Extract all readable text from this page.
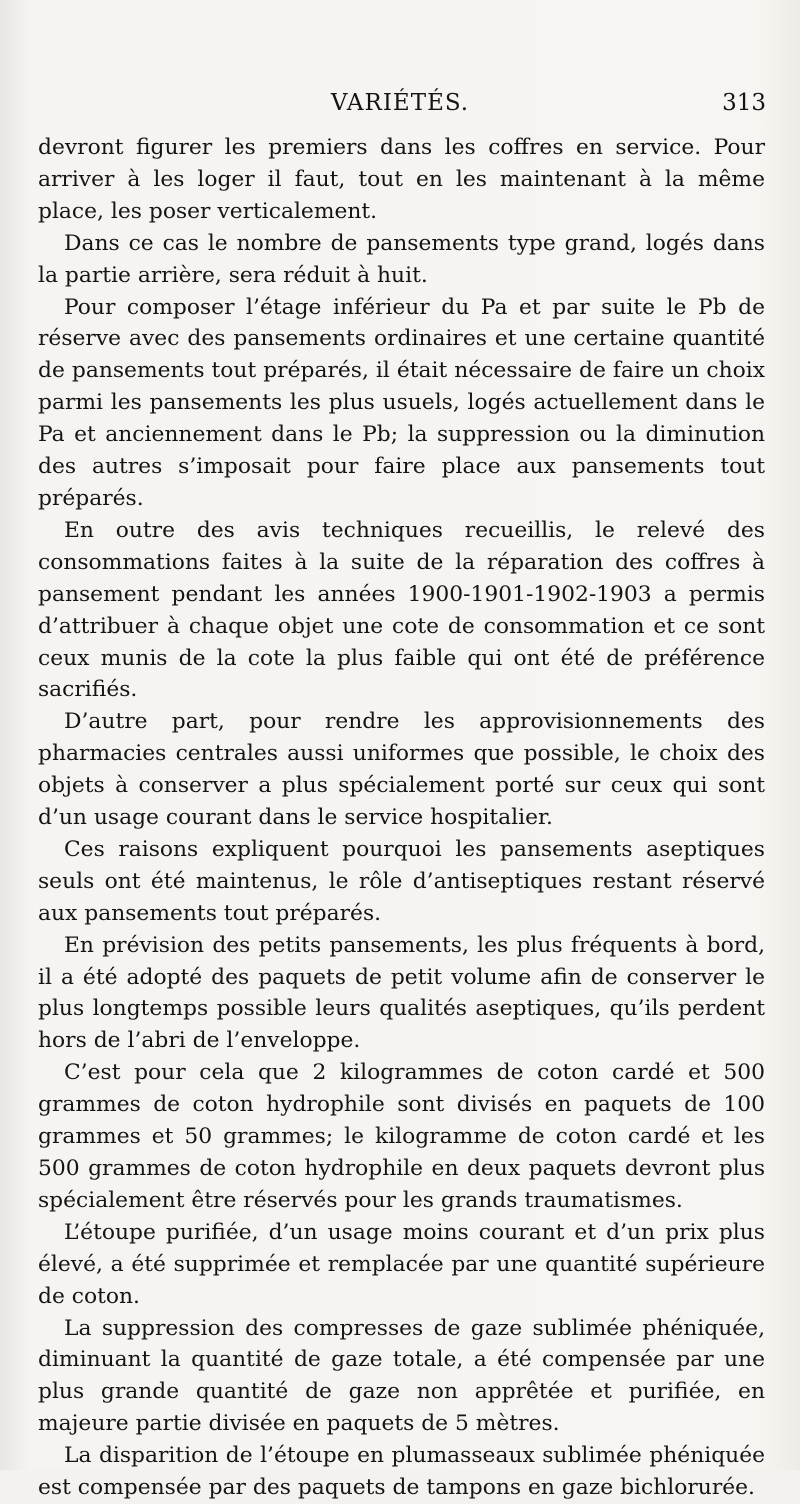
VARIÉTÉS.	313

devront figurer les premiers dans les coffres en service. Pour arriver à les loger il faut, tout en les maintenant à la même place, les poser verticalement.

Dans ce cas le nombre de pansements type grand, logés dans la partie arrière, sera réduit à huit.

Pour composer l’étage inférieur du Pa et par suite le Pb de réserve avec des pansements ordinaires et une certaine quantité de pansements tout préparés, il était nécessaire de faire un choix parmi les pansements les plus usuels, logés actuellement dans le Pa et anciennement dans le Pb; la suppression ou la diminution des autres s’imposait pour faire place aux pansements tout préparés.

En outre des avis techniques recueillis, le relevé des consommations faites à la suite de la réparation des coffres à pansement pendant les années 1900-1901-1902-1903 a permis d’attribuer à chaque objet une cote de consommation et ce sont ceux munis de la cote la plus faible qui ont été de préférence sacrifiés.

D’autre part, pour rendre les approvisionnements des pharmacies centrales aussi uniformes que possible, le choix des objets à conserver a plus spécialement porté sur ceux qui sont d’un usage courant dans le service hospitalier.

Ces raisons expliquent pourquoi les pansements aseptiques seuls ont été maintenus, le rôle d’antiseptiques restant réservé aux pansements tout préparés.

En prévision des petits pansements, les plus fréquents à bord, il a été adopté des paquets de petit volume afin de conserver le plus longtemps possible leurs qualités aseptiques, qu’ils perdent hors de l’abri de l’enveloppe.

C’est pour cela que 2 kilogrammes de coton cardé et 500 grammes de coton hydrophile sont divisés en paquets de 100 grammes et 50 grammes; le kilogramme de coton cardé et les 500 grammes de coton hydrophile en deux paquets devront plus spécialement être réservés pour les grands traumatismes.

L’étoupe purifiée, d’un usage moins courant et d’un prix plus élevé, a été supprimée et remplacée par une quantité supérieure de coton.

La suppression des compresses de gaze sublimée phéniquée, diminuant la quantité de gaze totale, a été compensée par une plus grande quantité de gaze non apprêtée et purifiée, en majeure partie divisée en paquets de 5 mètres.

La disparition de l’étoupe en plumasseaux sublimée phéniquée est compensée par des paquets de tampons en gaze bichlorurée.
